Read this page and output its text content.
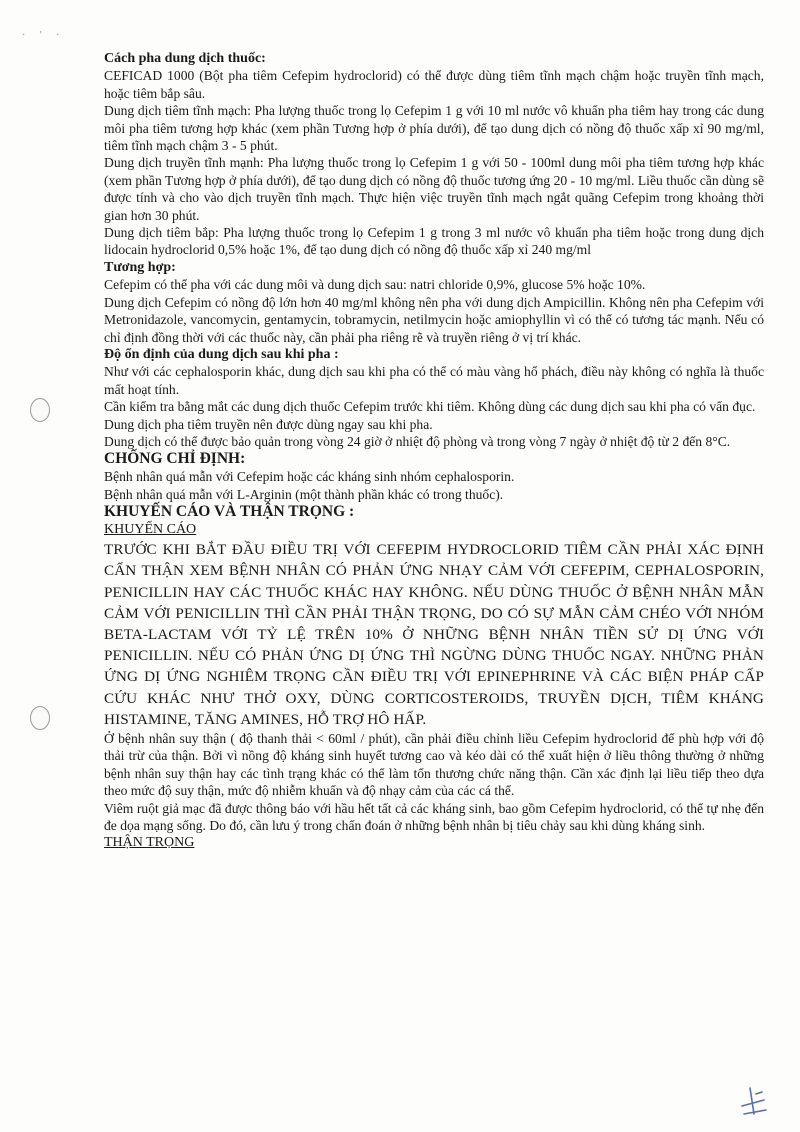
· ' ·

Cách pha dung dịch thuốc:

CEFICAD 1000 (Bột pha tiêm Cefepim hydroclorid) có thể được dùng tiêm tĩnh mạch chậm hoặc truyền tĩnh mạch, hoặc tiêm bắp sâu.

Dung dịch tiêm tĩnh mạch: Pha lượng thuốc trong lọ Cefepim 1 g với 10 ml nước vô khuẩn pha tiêm hay trong các dung môi pha tiêm tương hợp khác (xem phần Tương hợp ở phía dưới), để tạo dung dịch có nồng độ thuốc xấp xỉ 90 mg/ml, tiêm tĩnh mạch chậm 3 - 5 phút.

Dung dịch truyền tĩnh mạnh: Pha lượng thuốc trong lọ Cefepim 1 g với 50 - 100ml dung môi pha tiêm tương hợp khác (xem phần Tương hợp ở phía dưới), để tạo dung dịch có nồng độ thuốc tương ứng 20 - 10 mg/ml. Liều thuốc cần dùng sẽ được tính và cho vào dịch truyền tĩnh mạch. Thực hiện việc truyền tĩnh mạch ngắt quãng Cefepim trong khoảng thời gian hơn 30 phút.

Dung dịch tiêm bắp: Pha lượng thuốc trong lọ Cefepim 1 g trong 3 ml nước vô khuẩn pha tiêm hoặc trong dung dịch lidocain hydroclorid 0,5% hoặc 1%, để tạo dung dịch có nồng độ thuốc xấp xỉ 240 mg/ml

Tương hợp:

Cefepim có thể pha với các dung môi và dung dịch sau: natri chloride 0,9%, glucose 5% hoặc 10%.

Dung dịch Cefepim có nồng độ lớn hơn 40 mg/ml không nên pha với dung dịch Ampicillin. Không nên pha Cefepim với Metronidazole, vancomycin, gentamycin, tobramycin, netilmycin hoặc amiophyllin vì có thể có tương tác mạnh. Nếu có chỉ định đồng thời với các thuốc này, cần phải pha riêng rẽ và truyền riêng ở vị trí khác.

Độ ổn định của dung dịch sau khi pha :

Như với các cephalosporin khác, dung dịch sau khi pha có thể có màu vàng hổ phách, điều này không có nghĩa là thuốc mất hoạt tính.

Cần kiểm tra bằng mắt các dung dịch thuốc Cefepim trước khi tiêm. Không dùng các dung dịch sau khi pha có vẩn đục.

Dung dịch pha tiêm truyền nên được dùng ngay sau khi pha.

Dung dịch có thể được bảo quản trong vòng 24 giờ ở nhiệt độ phòng và trong vòng 7 ngày ở nhiệt độ từ 2 đến 8°C.

CHỐNG CHỈ ĐỊNH:

Bệnh nhân quá mẫn với Cefepim hoặc các kháng sinh nhóm cephalosporin.

Bệnh nhân quá mẫn với L-Arginin (một thành phần khác có trong thuốc).

KHUYẾN CÁO VÀ THẬN TRỌNG :

KHUYẾN CÁO

TRƯỚC KHI BẮT ĐẦU ĐIỀU TRỊ VỚI CEFEPIM HYDROCLORID TIÊM CẦN PHẢI XÁC ĐỊNH CẨN THẬN XEM BỆNH NHÂN CÓ PHẢN ỨNG NHẠY CẢM VỚI CEFEPIM, CEPHALOSPORIN, PENICILLIN HAY CÁC THUỐC KHÁC HAY KHÔNG. NẾU DÙNG THUỐC Ở BỆNH NHÂN MẪN CẢM VỚI PENICILLIN THÌ CẦN PHẢI THẬN TRỌNG, DO CÓ SỰ MẪN CẢM CHÉO VỚI NHÓM BETA-LACTAM VỚI TỶ LỆ TRÊN 10% Ở NHỮNG BỆNH NHÂN TIỀN SỬ DỊ ỨNG VỚI PENICILLIN. NẾU CÓ PHẢN ỨNG DỊ ỨNG THÌ NGỪNG DÙNG THUỐC NGAY. NHỮNG PHẢN ỨNG DỊ ỨNG NGHIÊM TRỌNG CẦN ĐIỀU TRỊ VỚI EPINEPHRINE VÀ CÁC BIỆN PHÁP CẤP CỨU KHÁC NHƯ THỞ OXY, DÙNG CORTICOSTEROIDS, TRUYỀN DỊCH, TIÊM KHÁNG HISTAMINE, TĂNG AMINES, HỖ TRỢ HÔ HẤP.

Ở bệnh nhân suy thận ( độ thanh thải < 60ml / phút), cần phải điều chỉnh liều Cefepim hydroclorid để phù hợp với độ thải trừ của thận. Bởi vì nồng độ kháng sinh huyết tương cao và kéo dài có thể xuất hiện ở liều thông thường ở những bệnh nhân suy thận hay các tình trạng khác có thể làm tổn thương chức năng thận. Cần xác định lại liều tiếp theo dựa theo mức độ suy thận, mức độ nhiễm khuẩn và độ nhạy cảm của các cá thể.

Viêm ruột giả mạc đã được thông báo với hầu hết tất cả các kháng sinh, bao gồm Cefepim hydroclorid, có thể tự nhẹ đến đe dọa mạng sống. Do đó, cần lưu ý trong chẩn đoán ở những bệnh nhân bị tiêu chảy sau khi dùng kháng sinh.

THẬN TRỌNG
